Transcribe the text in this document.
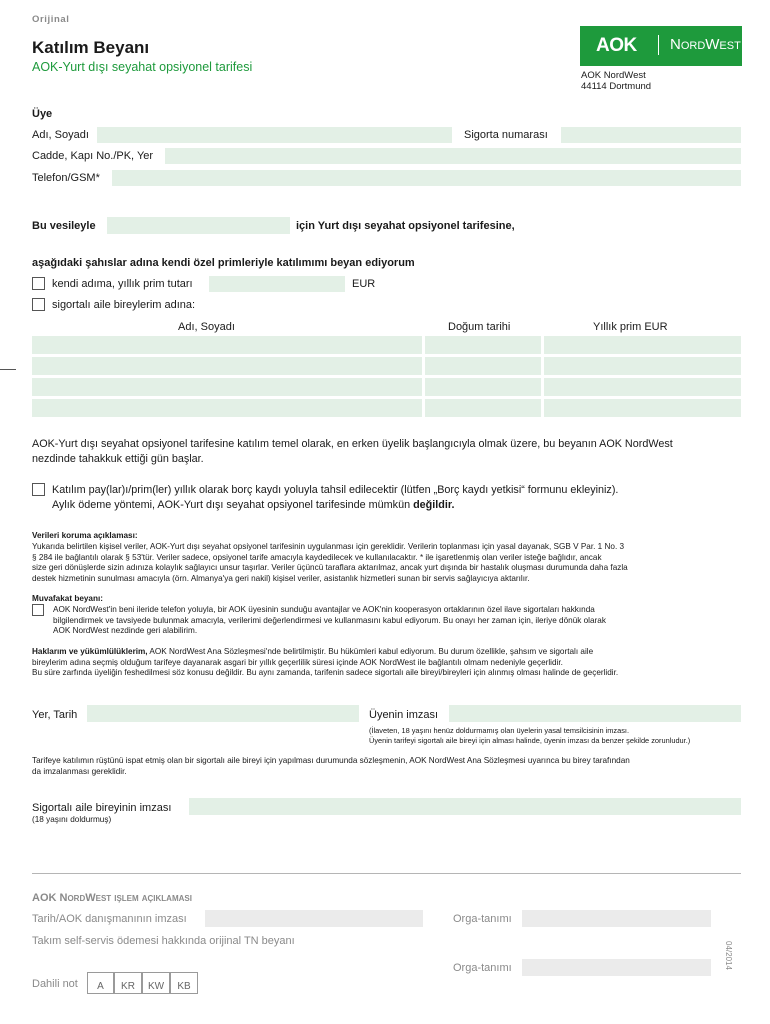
Orijinal
Katılım Beyanı
AOK-Yurt dışı seyahat opsiyonel tarifesi
AOK NordWest
AOK NordWest
44114 Dortmund
Üye
Adı, Soyadı	Sigorta numarası
Cadde, Kapı No./PK, Yer
Telefon/GSM*
Bu vesileyle	için Yurt dışı seyahat opsiyonel tarifesine,
aşağıdaki şahıslar adına kendi özel primleriyle katılımımı beyan ediyorum
kendi adıma, yıllık prim tutarı	EUR
sigortalı aile bireylerim adına:
Adı, Soyadı	Doğum tarihi	Yıllık prim EUR
AOK-Yurt dışı seyahat opsiyonel tarifesine katılım temel olarak, en erken üyelik başlangıcıyla olmak üzere, bu beyanın AOK NordWest
nezdinde tahakkuk ettiği gün başlar.
Katılım pay(lar)ı/prim(ler) yıllık olarak borç kaydı yoluyla tahsil edilecektir (lütfen „Borç kaydı yetkisi“ formunu ekleyiniz).
Aylık ödeme yöntemi, AOK-Yurt dışı seyahat opsiyonel tarifesinde mümkün değildir.
Verileri koruma açıklaması:
Yukarıda belirtilen kişisel veriler, AOK-Yurt dışı seyahat opsiyonel tarifesinin uygulanması için gereklidir. Verilerin toplanması için yasal dayanak, SGB V Par. 1 No. 3
§ 284 ile bağlantılı olarak § 53'tür. Veriler sadece, opsiyonel tarife amacıyla kaydedilecek ve kullanılacaktır. * ile işaretlenmiş olan veriler isteğe bağlıdır, ancak
size geri dönüşlerde sizin adınıza kolaylık sağlayıcı unsur taşırlar. Veriler üçüncü taraflara aktarılmaz, ancak yurt dışında bir hastalık oluşması durumunda daha fazla
destek hizmetinin sunulması amacıyla (örn. Almanya'ya geri nakil) kişisel veriler, asistanlık hizmetleri sunan bir servis sağlayıcıya aktarılır.
Muvafakat beyanı:
AOK NordWest'in beni ileride telefon yoluyla, bir AOK üyesinin sunduğu avantajlar ve AOK'nin kooperasyon ortaklarının özel ilave sigortaları hakkında
bilgilendirmek ve tavsiyede bulunmak amacıyla, verilerimi değerlendirmesi ve kullanmasını kabul ediyorum. Bu onayı her zaman için, ileriye dönük olarak
AOK NordWest nezdinde geri alabilirim.
Haklarım ve yükümlülüklerim, AOK NordWest Ana Sözleşmesi'nde belirtilmiştir. Bu hükümleri kabul ediyorum. Bu durum özellikle, şahsım ve sigortalı aile
bireylerim adına seçmiş olduğum tarifeye dayanarak asgari bir yıllık geçerlilik süresi içinde AOK NordWest ile bağlantılı olmam nedeniyle geçerlidir.
Bu süre zarfında üyeliğin feshedilmesi söz konusu değildir. Bu aynı zamanda, tarifenin sadece sigortalı aile bireyi/bireyleri için alınmış olması halinde de geçerlidir.
Yer, Tarih	Üyenin imzası
(İlaveten, 18 yaşını henüz doldurmamış olan üyelerin yasal temsilcisinin imzası.
Üyenin tarifeyi sigortalı aile bireyi için alması halinde, üyenin imzası da benzer şekilde zorunludur.)
Tarifeye katılımın rüştünü ispat etmiş olan bir sigortalı aile bireyi için yapılması durumunda sözleşmenin, AOK NordWest Ana Sözleşmesi uyarınca bu birey tarafından
da imzalanması gereklidir.
Sigortalı aile bireyinin imzası
(18 yaşını doldurmuş)
AOK NordWest işlem açıklaması
Tarih/AOK danışmanının imzası	Orga-tanımı
Takım self-servis ödemesi hakkında orijinal TN beyanı
Orga-tanımı
Dahili not	A	KR	KW	KB
04/2014
